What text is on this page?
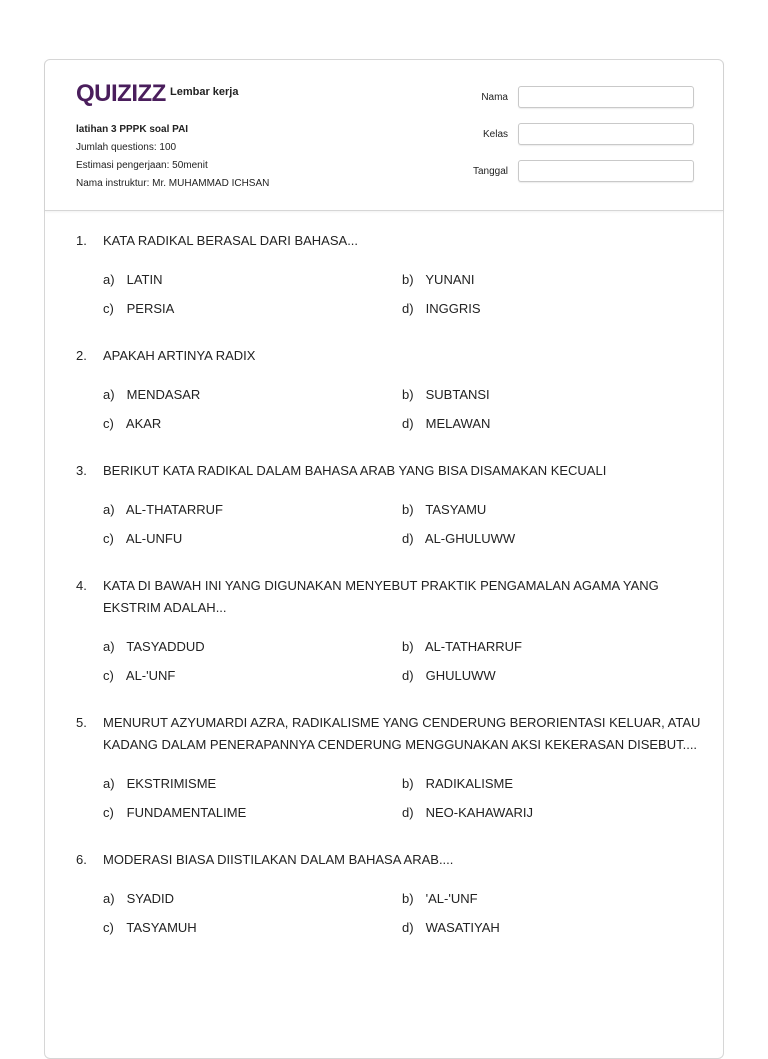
QUIZIZZ Lembar kerja
latihan 3 PPPK soal PAI
Jumlah questions: 100
Estimasi pengerjaan: 50menit
Nama instruktur: Mr. MUHAMMAD ICHSAN
Nama
Kelas
Tanggal
1.	KATA RADIKAL BERASAL DARI BAHASA...
a) LATIN	b) YUNANI
c) PERSIA	d) INGGRIS
2.	APAKAH ARTINYA RADIX
a) MENDASAR	b) SUBTANSI
c) AKAR	d) MELAWAN
3.	BERIKUT KATA RADIKAL DALAM BAHASA ARAB YANG BISA DISAMAKAN KECUALI
a) AL-THATARRUF	b) TASYAMU
c) AL-UNFU	d) AL-GHULUWW
4.	KATA DI BAWAH INI YANG DIGUNAKAN MENYEBUT PRAKTIK PENGAMALAN AGAMA YANG EKSTRIM ADALAH...
a) TASYADDUD	b) AL-TATHARRUF
c) AL-'UNF	d) GHULUWW
5.	MENURUT AZYUMARDI AZRA, RADIKALISME YANG CENDERUNG BERORIENTASI KELUAR, ATAU KADANG DALAM PENERAPANNYA CENDERUNG MENGGUNAKAN AKSI KEKERASAN DISEBUT....
a) EKSTRIMISME	b) RADIKALISME
c) FUNDAMENTALIME	d) NEO-KAHAWARIJ
6.	MODERASI BIASA DIISTILAKAN DALAM BAHASA ARAB....
a) SYADID	b) 'AL-'UNF
c) TASYAMUH	d) WASATIYAH
